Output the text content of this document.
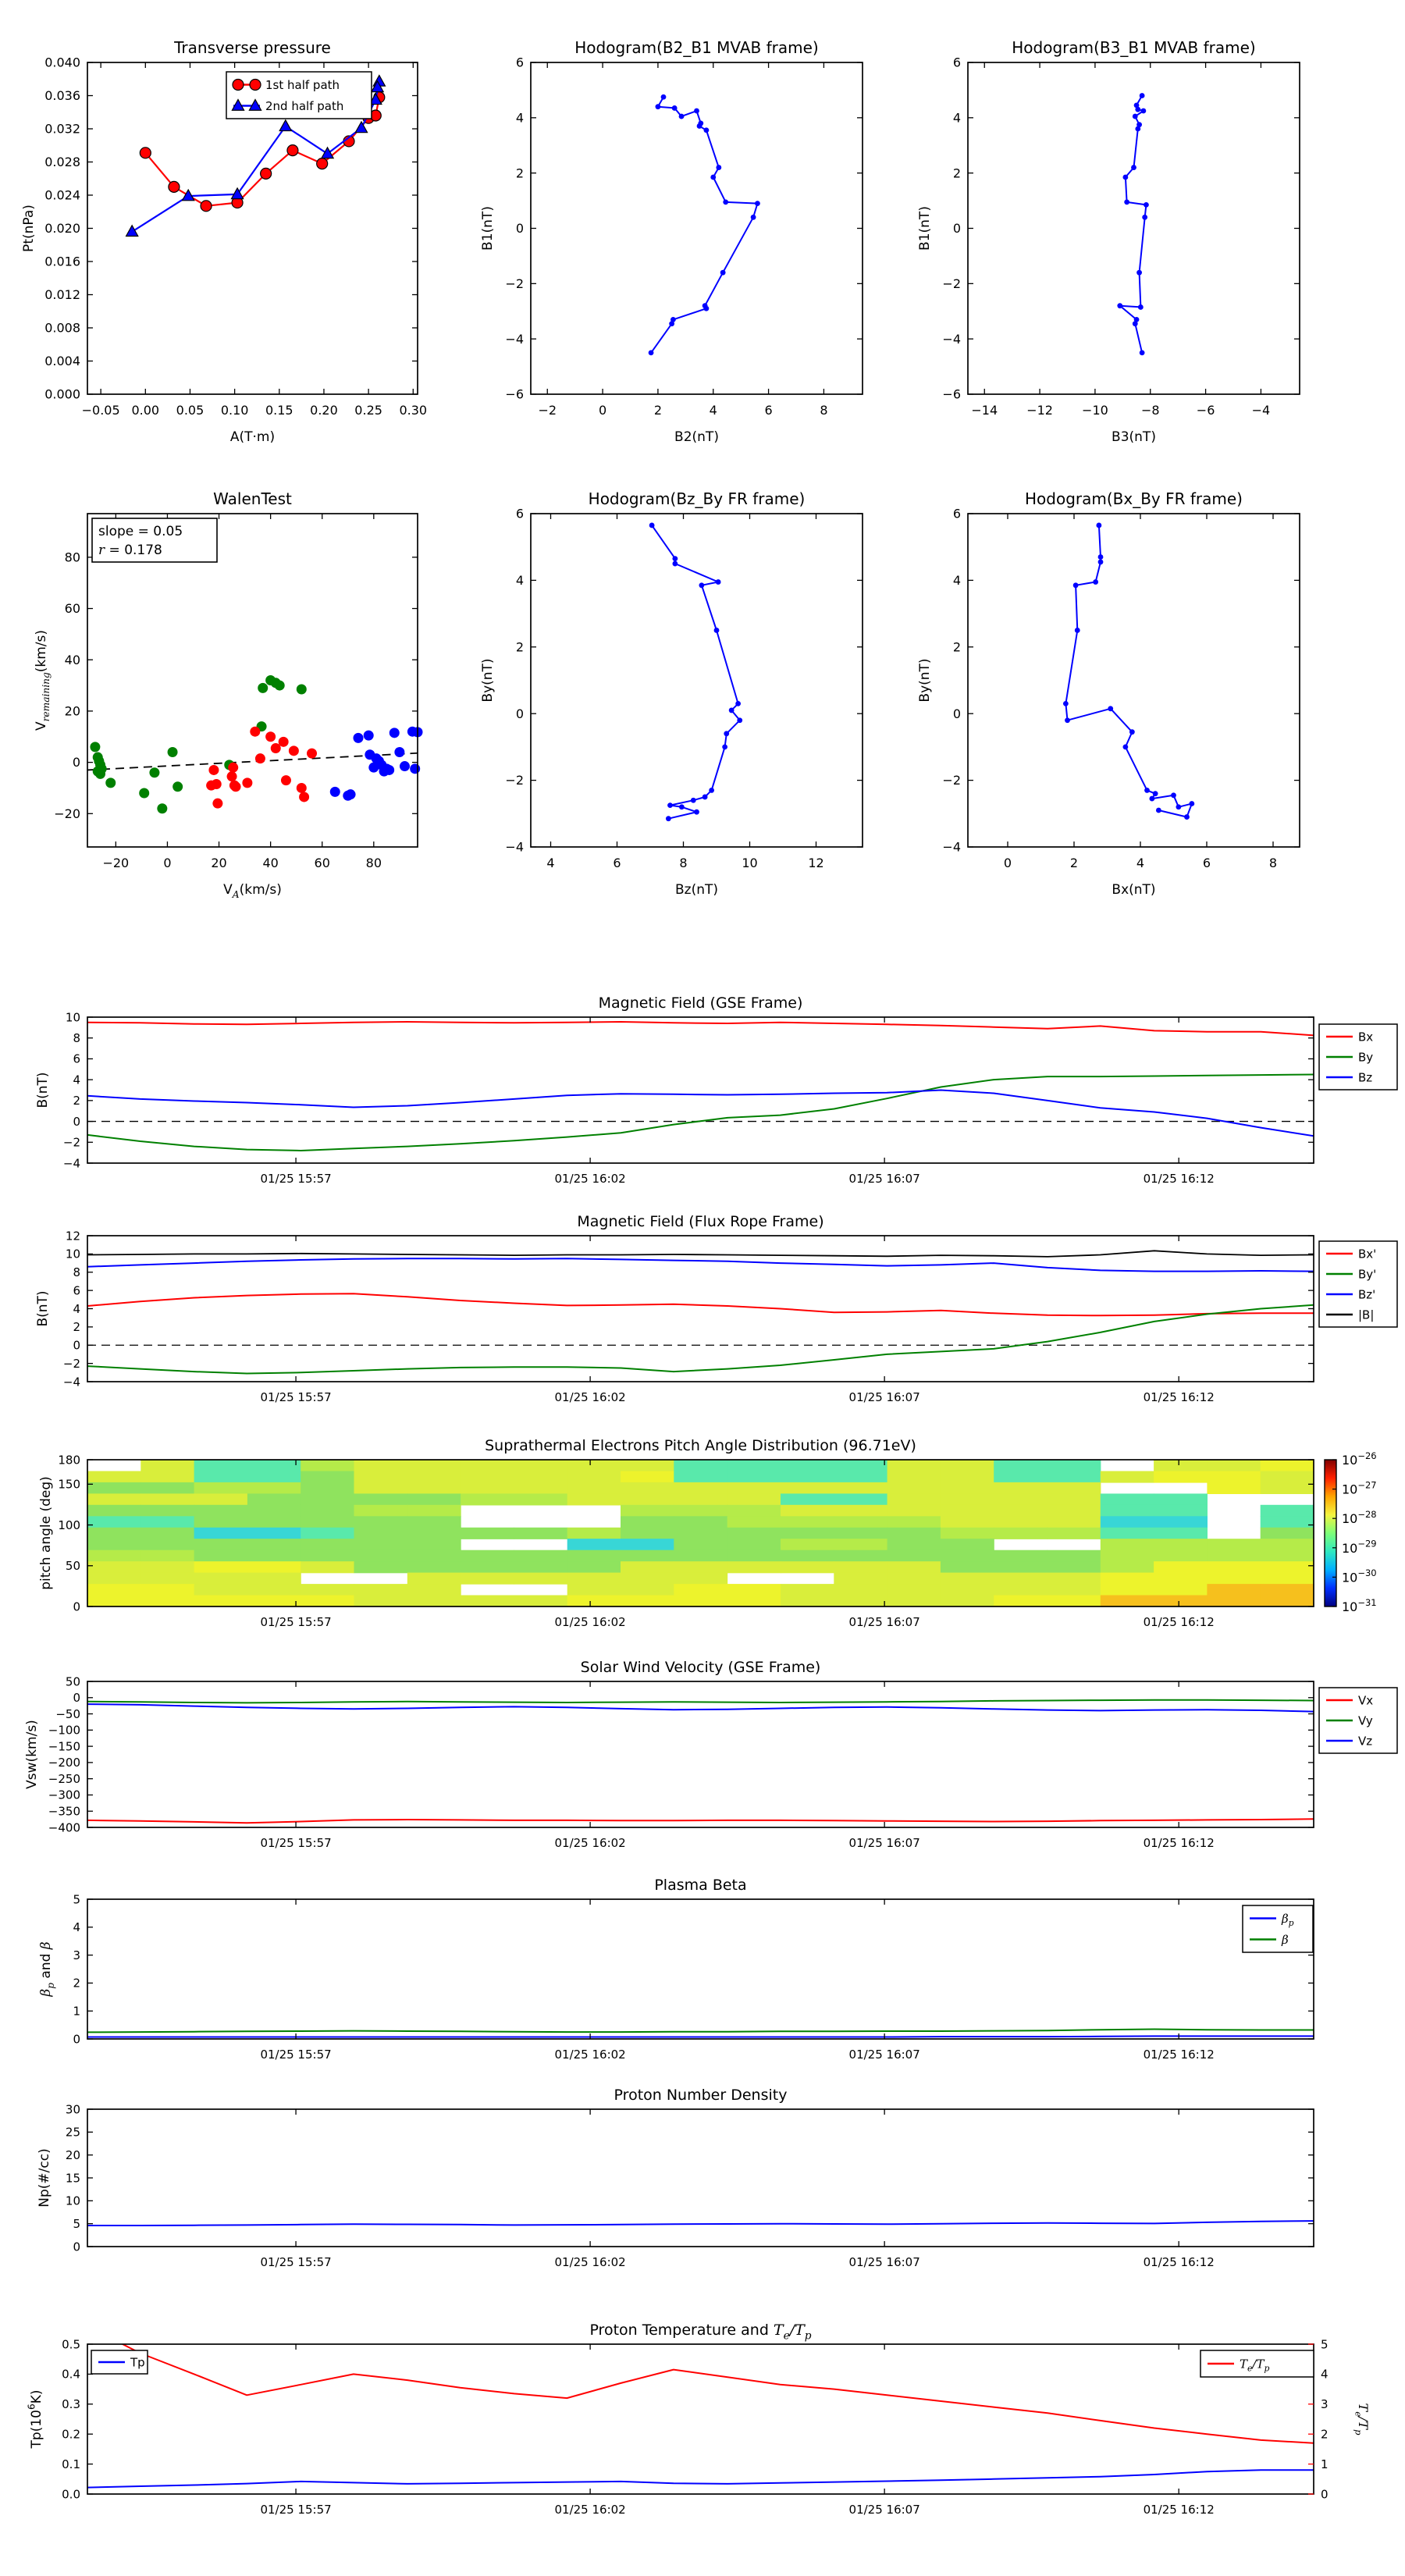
−0.05 0.00 0.05 0.10 0.15 0.20 0.25 0.30
0.000
0.004
0.008
0.012
0.016
0.020
0.024
0.028
0.032
0.036
0.040
Transverse pressure
A(T·m)
Pt(nPa)
1st half path
2nd half path
−2	0	2	4	6	8
−6
−4
−2
0
2
4
6
Hodogram(B2_B1 MVAB frame)
B2(nT)
B1(nT)
−14 −12 −10	−8	−6	−4
−6
−4
−2
0
2
4
6
Hodogram(B3_B1 MVAB frame)
B3(nT)
B1(nT)
−20	0	20	40	60	80
−20
0
20
40
60
80
WalenTest
$V_A(km/s)$
$V_{remaining}(km/s)$
slope = 0.05
r = 0.178
4	6	8	10	12
−4
−2
0
2
4
6
Hodogram(Bz_By FR frame)
Bz(nT)
By(nT)
0	2	4	6	8
−4
−2
0
2
4
6
Hodogram(Bx_By FR frame)
Bx(nT)
By(nT)
01/25 15:57	01/25 16:02	01/25 16:07	01/25 16:12
10
8
6
4
2
0
−2
−4
Magnetic Field (GSE Frame)
B(nT)
Bx
By
Bz
01/25 15:57	01/25 16:02	01/25 16:07	01/25 16:12
12
10
8
6
4
2
0
−2
−4
Magnetic Field (Flux Rope Frame)
B(nT)
Bx'
By'
Bz'
|B|
01/25 15:57	01/25 16:02	01/25 16:07	01/25 16:12
0
50
100
150
180
Suprathermal Electrons Pitch Angle Distribution (96.71eV)
pitch angle (deg)
$10^{-26}$
$10^{-27}$
$10^{-28}$
$10^{-29}$
$10^{-30}$
$10^{-31}$
01/25 15:57	01/25 16:02	01/25 16:07	01/25 16:12
50
0
−50
−100
−150
−200
−250
−300
−350
−400
Solar Wind Velocity (GSE Frame)
Vsw(km/s)
Vx
Vy
Vz
01/25 15:57	01/25 16:02	01/25 16:07	01/25 16:12
5
4
3
2
1
0
Plasma Beta
$\beta_p$ and β
$\beta_p$
β
01/25 15:57	01/25 16:02	01/25 16:07	01/25 16:12
30
25
20
15
10
5
0
Proton Number Density
Np(#/cc)
01/25 15:57	01/25 16:02	01/25 16:07	01/25 16:12
0.5
0.4
0.3
0.2
0.1
0.0
5
4
3
2
1
0
$T_e/T_p$
Proton Temperature and $T_e/T_p$
$Tp(10^6K)$
Tp	$T_e/T_p$
